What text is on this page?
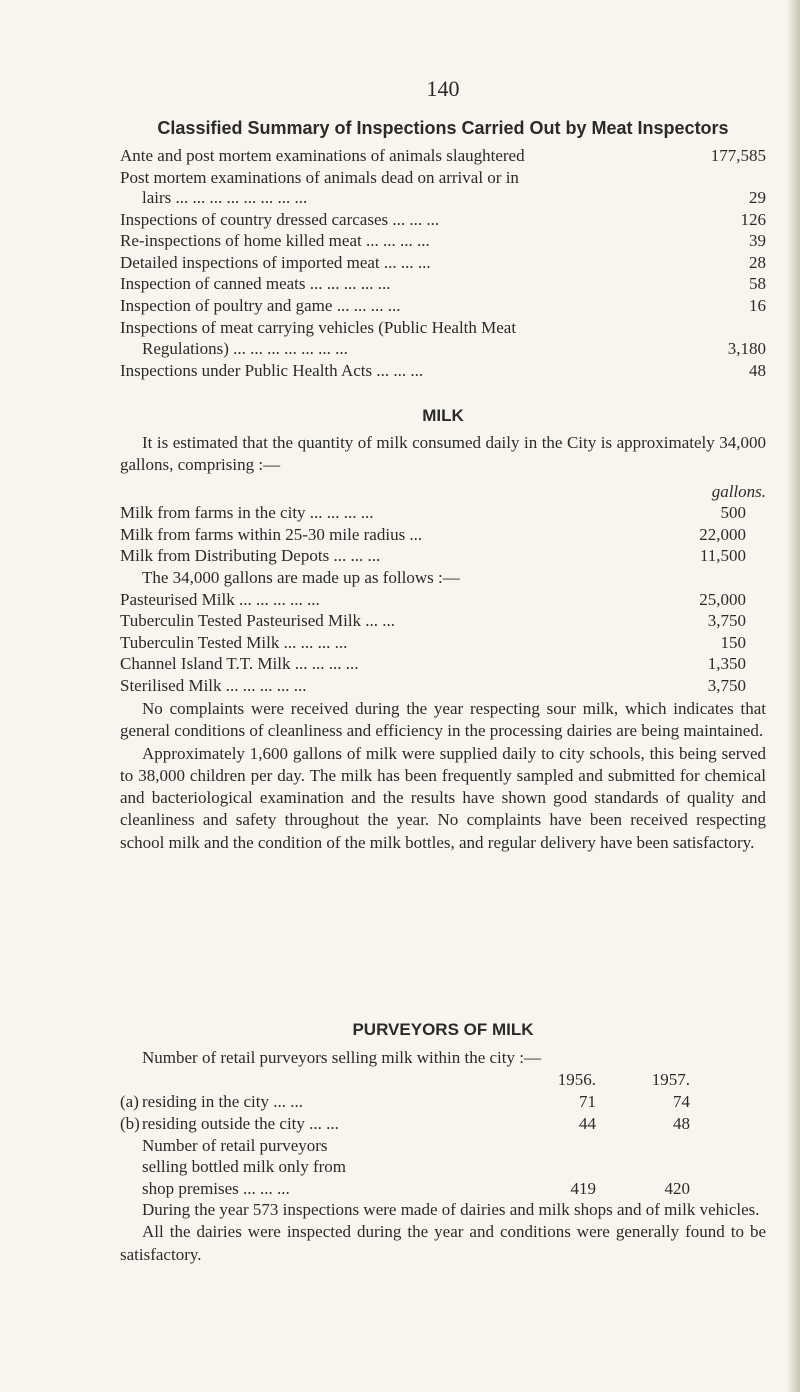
140
Classified Summary of Inspections Carried Out by Meat Inspectors
Ante and post mortem examinations of animals slaughtered	177,585
Post mortem examinations of animals dead on arrival or in
lairs ... ... ... ... ... ... ... ...	29
Inspections of country dressed carcases ... ... ...	126
Re-inspections of home killed meat ... ... ... ...	39
Detailed inspections of imported meat ... ... ...	28
Inspection of canned meats ... ... ... ... ...	58
Inspection of poultry and game ... ... ... ...	16
Inspections of meat carrying vehicles (Public Health Meat
Regulations) ... ... ... ... ... ... ...	3,180
Inspections under Public Health Acts ... ... ...	48
MILK

It is estimated that the quantity of milk consumed daily in the City is approximately 34,000 gallons, comprising :—

gallons.
Milk from farms in the city ... ... ... ...	500
Milk from farms within 25-30 mile radius ...	22,000
Milk from Distributing Depots ... ... ...	11,500
The 34,000 gallons are made up as follows :—
Pasteurised Milk ... ... ... ... ...	25,000
Tuberculin Tested Pasteurised Milk ... ...	3,750
Tuberculin Tested Milk ... ... ... ...	150
Channel Island T.T. Milk ... ... ... ...	1,350
Sterilised Milk ... ... ... ... ...	3,750

No complaints were received during the year respecting sour milk, which indicates that general conditions of cleanliness and efficiency in the processing dairies are being maintained.

Approximately 1,600 gallons of milk were supplied daily to city schools, this being served to 38,000 children per day. The milk has been frequently sampled and submitted for chemical and bacteriological examination and the results have shown good standards of quality and cleanliness and safety throughout the year. No complaints have been received respecting school milk and the condition of the milk bottles, and regular delivery have been satisfactory.

PURVEYORS OF MILK
Number of retail purveyors selling milk within the city :—
1956.	1957.
(a) residing in the city ... ...	71	74
(b) residing outside the city ... ...	44	48
Number of retail purveyors
selling bottled milk only from
shop premises ... ... ...	419	420

During the year 573 inspections were made of dairies and milk shops and of milk vehicles.

All the dairies were inspected during the year and conditions were generally found to be satisfactory.
